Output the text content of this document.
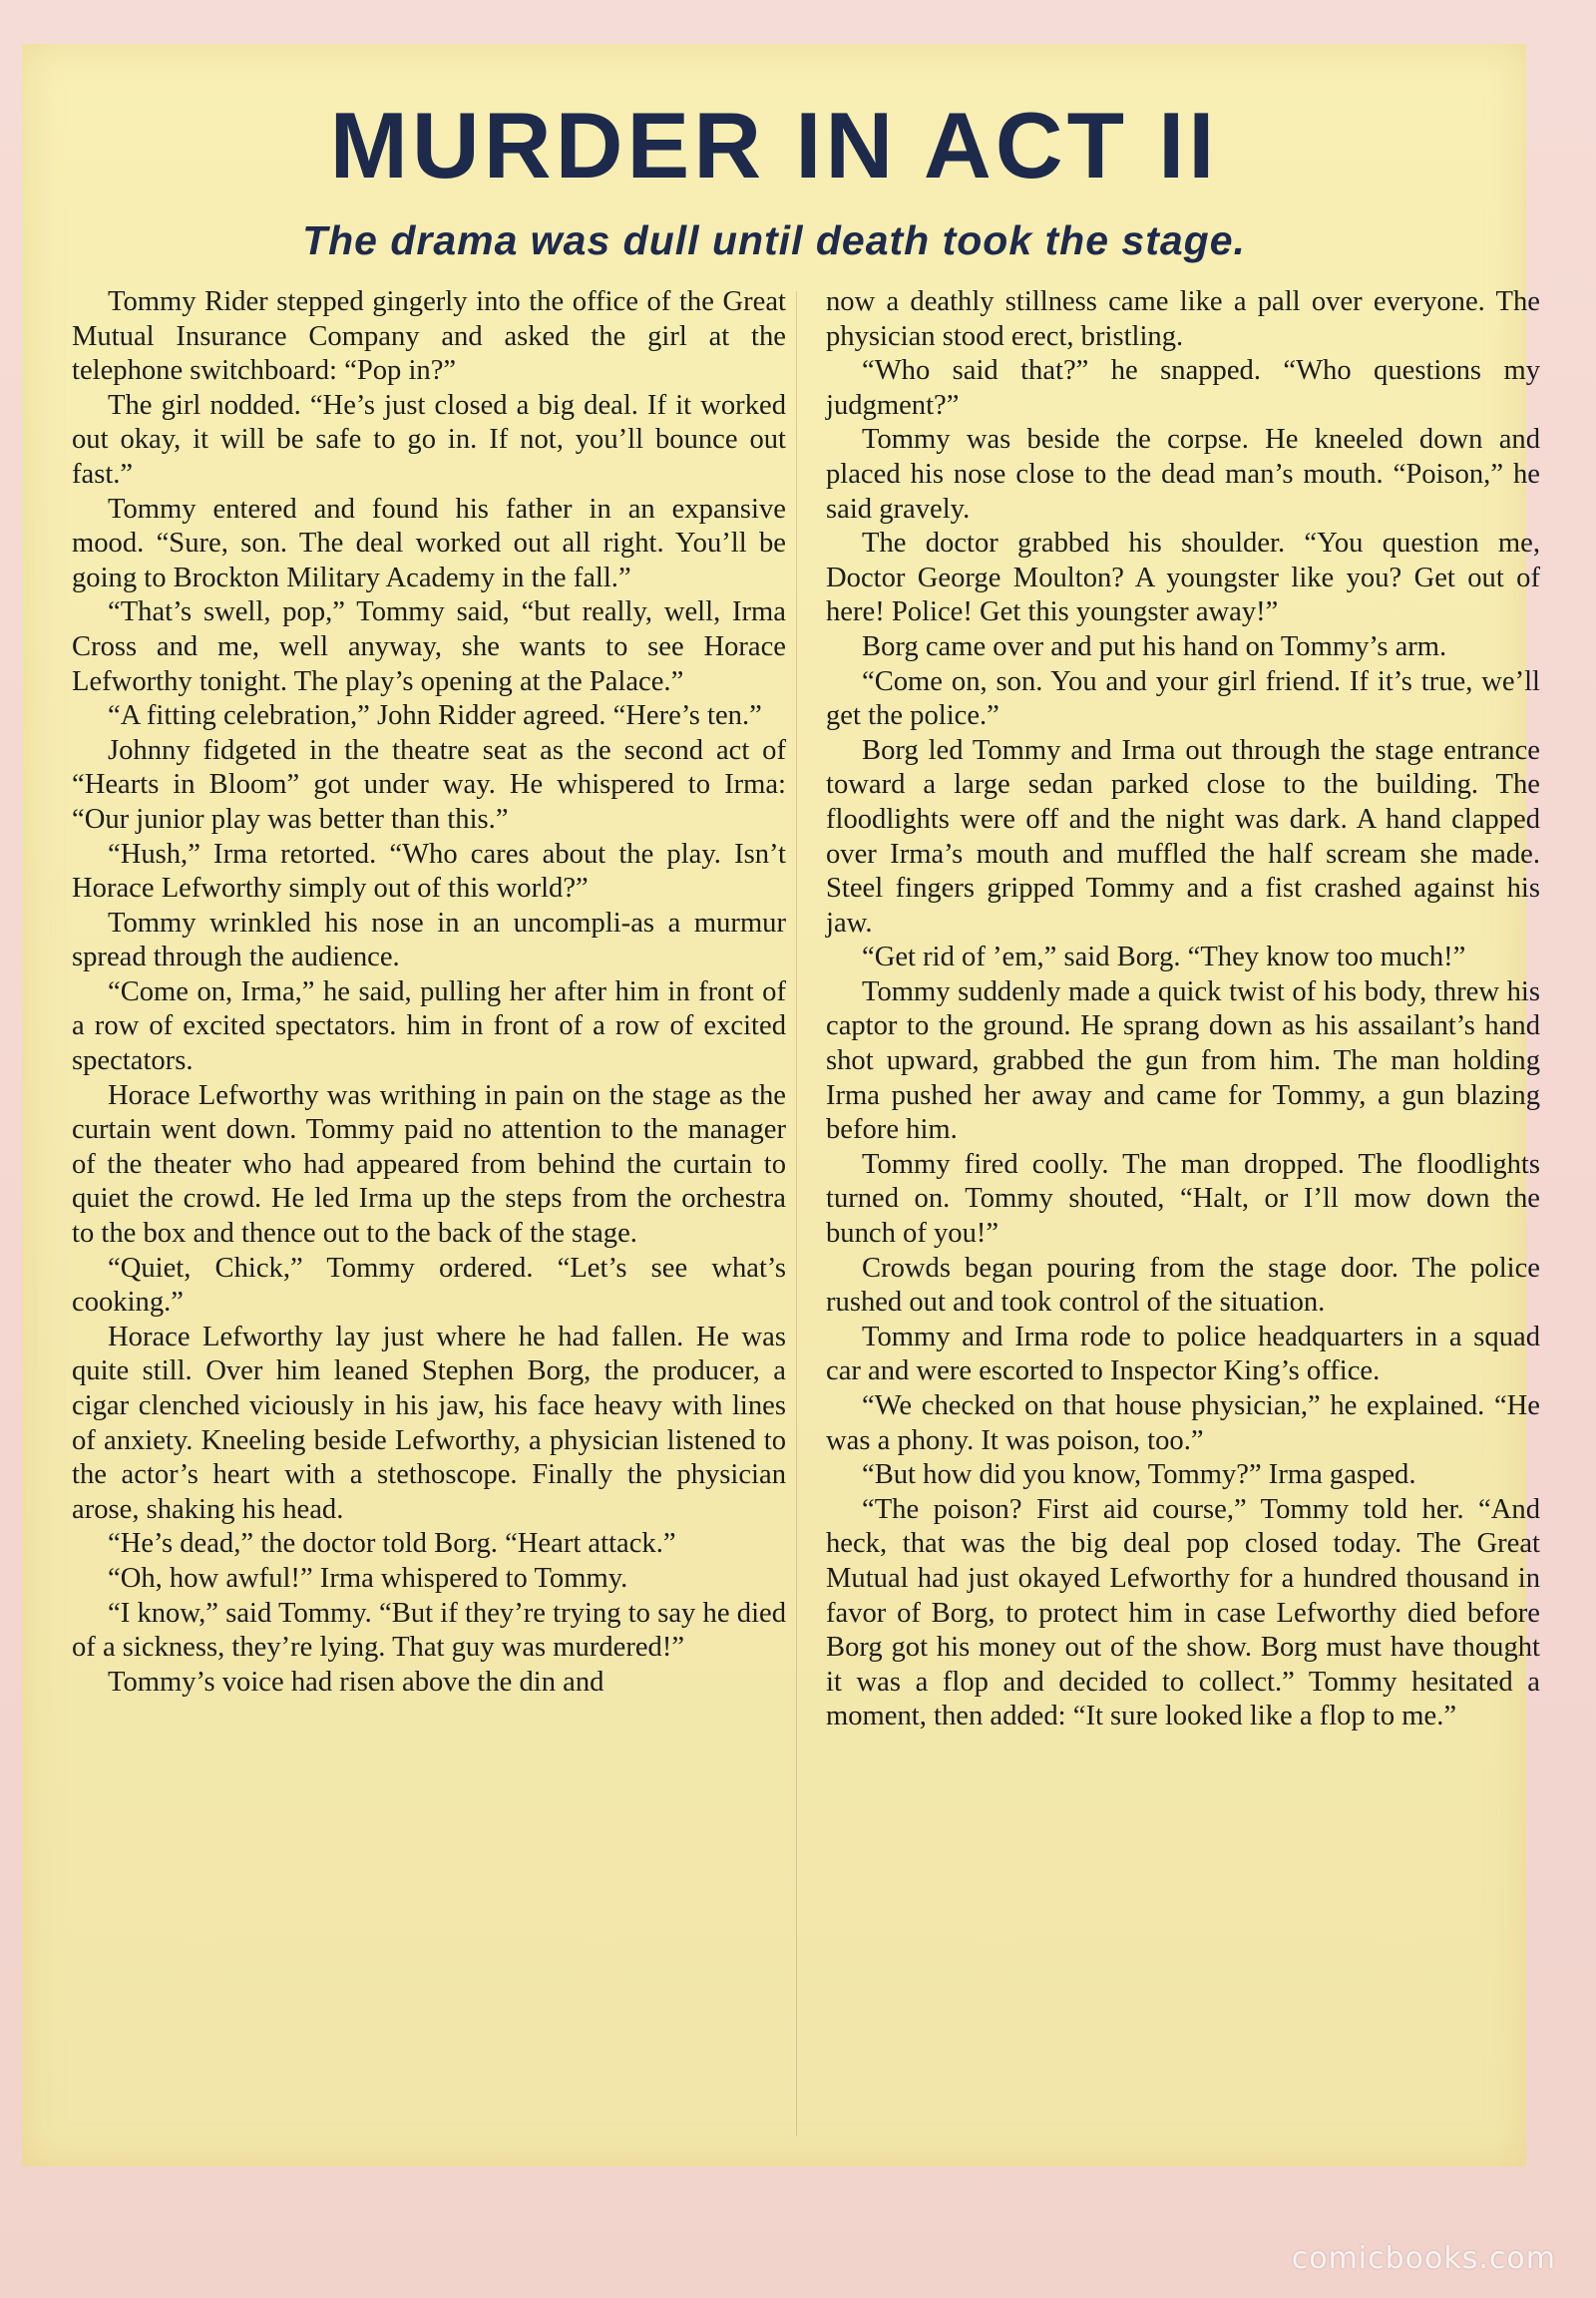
MURDER IN ACT II
The drama was dull until death took the stage.

Tommy Rider stepped gingerly into the office of the Great Mutual Insurance Company and asked the girl at the telephone switchboard: “Pop in?”

The girl nodded. “He’s just closed a big deal. If it worked out okay, it will be safe to go in. If not, you’ll bounce out fast.”

Tommy entered and found his father in an expansive mood. “Sure, son. The deal worked out all right. You’ll be going to Brockton Military Academy in the fall.”

“That’s swell, pop,” Tommy said, “but really, well, Irma Cross and me, well anyway, she wants to see Horace Lefworthy tonight. The play’s opening at the Palace.”

“A fitting celebration,” John Ridder agreed. “Here’s ten.”

Johnny fidgeted in the theatre seat as the second act of “Hearts in Bloom” got under way. He whispered to Irma: “Our junior play was better than this.”

“Hush,” Irma retorted. “Who cares about the play. Isn’t Horace Lefworthy simply out of this world?”

Tommy wrinkled his nose in an uncompli-as a murmur spread through the audience.

“Come on, Irma,” he said, pulling her after him in front of a row of excited spectators. him in front of a row of excited spectators.

Horace Lefworthy was writhing in pain on the stage as the curtain went down. Tommy paid no attention to the manager of the theater who had appeared from behind the curtain to quiet the crowd. He led Irma up the steps from the orchestra to the box and thence out to the back of the stage.

“Quiet, Chick,” Tommy ordered. “Let’s see what’s cooking.”

Horace Lefworthy lay just where he had fallen. He was quite still. Over him leaned Stephen Borg, the producer, a cigar clenched viciously in his jaw, his face heavy with lines of anxiety. Kneeling beside Lefworthy, a physician listened to the actor’s heart with a stethoscope. Finally the physician arose, shaking his head.

“He’s dead,” the doctor told Borg. “Heart attack.”

“Oh, how awful!” Irma whispered to Tommy.

“I know,” said Tommy. “But if they’re trying to say he died of a sickness, they’re lying. That guy was murdered!”

Tommy’s voice had risen above the din and

now a deathly stillness came like a pall over everyone. The physician stood erect, bristling.

“Who said that?” he snapped. “Who questions my judgment?”

Tommy was beside the corpse. He kneeled down and placed his nose close to the dead man’s mouth. “Poison,” he said gravely.

The doctor grabbed his shoulder. “You question me, Doctor George Moulton? A youngster like you? Get out of here! Police! Get this youngster away!”

Borg came over and put his hand on Tommy’s arm.

“Come on, son. You and your girl friend. If it’s true, we’ll get the police.”

Borg led Tommy and Irma out through the stage entrance toward a large sedan parked close to the building. The floodlights were off and the night was dark. A hand clapped over Irma’s mouth and muffled the half scream she made. Steel fingers gripped Tommy and a fist crashed against his jaw.

“Get rid of ’em,” said Borg. “They know too much!”

Tommy suddenly made a quick twist of his body, threw his captor to the ground. He sprang down as his assailant’s hand shot upward, grabbed the gun from him. The man holding Irma pushed her away and came for Tommy, a gun blazing before him.

Tommy fired coolly. The man dropped. The floodlights turned on. Tommy shouted, “Halt, or I’ll mow down the bunch of you!”

Crowds began pouring from the stage door. The police rushed out and took control of the situation.

Tommy and Irma rode to police headquarters in a squad car and were escorted to Inspector King’s office.

“We checked on that house physician,” he explained. “He was a phony. It was poison, too.”

“But how did you know, Tommy?” Irma gasped.

“The poison? First aid course,” Tommy told her. “And heck, that was the big deal pop closed today. The Great Mutual had just okayed Lefworthy for a hundred thousand in favor of Borg, to protect him in case Lefworthy died before Borg got his money out of the show. Borg must have thought it was a flop and decided to collect.” Tommy hesitated a moment, then added: “It sure looked like a flop to me.”

comicbooks.com
